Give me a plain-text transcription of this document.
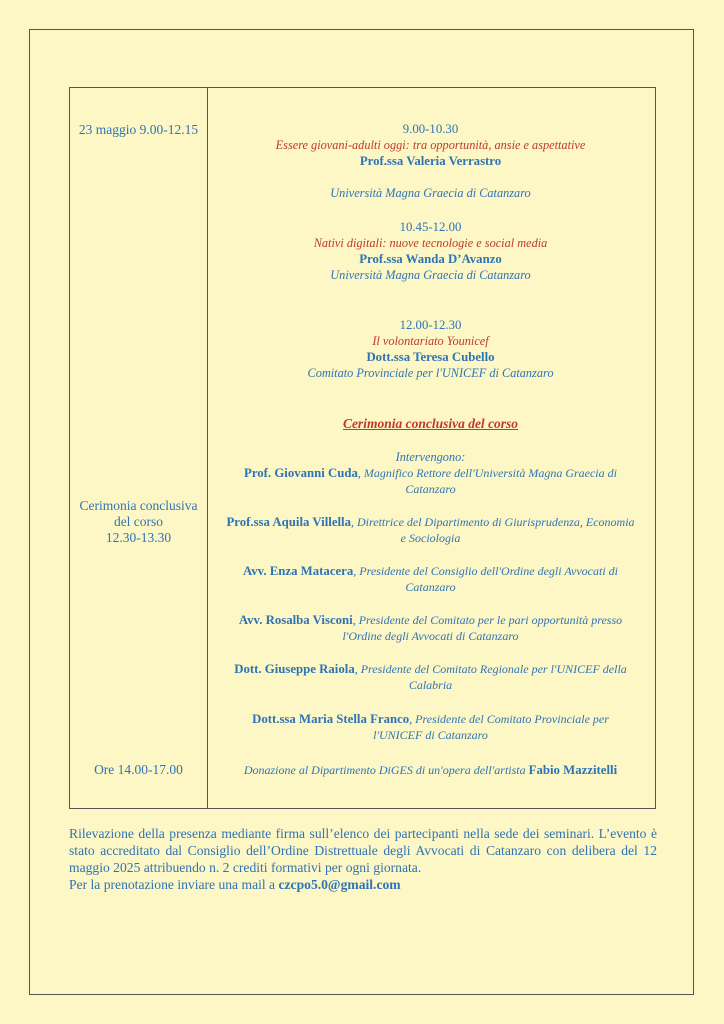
23 maggio 9.00-12.15
Cerimonia conclusiva
del corso
12.30-13.30
Ore 14.00-17.00
9.00-10.30
Essere giovani-adulti oggi: tra opportunità, ansie e aspettative
Prof.ssa Valeria Verrastro
Università Magna Graecia di Catanzaro
10.45-12.00
Nativi digitali: nuove tecnologie e social media
Prof.ssa Wanda D’Avanzo
Università Magna Graecia di Catanzaro
12.00-12.30
Il volontariato Younicef
Dott.ssa Teresa Cubello
Comitato Provinciale per l'UNICEF di Catanzaro
Cerimonia conclusiva del corso
Intervengono:
Prof. Giovanni Cuda, Magnifico Rettore dell'Università Magna Graecia di
Catanzaro
Prof.ssa Aquila Villella, Direttrice del Dipartimento di Giurisprudenza, Economia
e Sociologia
Avv. Enza Matacera, Presidente del Consiglio dell'Ordine degli Avvocati di
Catanzaro
Avv. Rosalba Visconi, Presidente del Comitato per le pari opportunità presso
l'Ordine degli Avvocati di Catanzaro
Dott. Giuseppe Raiola, Presidente del Comitato Regionale per l'UNICEF della
Calabria
Dott.ssa Maria Stella Franco, Presidente del Comitato Provinciale per
l'UNICEF di Catanzaro
Donazione al Dipartimento DiGES di un'opera dell'artista Fabio Mazzitelli

Rilevazione della presenza mediante firma sull’elenco dei partecipanti nella sede dei seminari. L’evento è stato accreditato dal Consiglio dell’Ordine Distrettuale degli Avvocati di Catanzaro con delibera del 12 maggio 2025 attribuendo n. 2 crediti formativi per ogni giornata.

Per la prenotazione inviare una mail a czcpo5.0@gmail.com
